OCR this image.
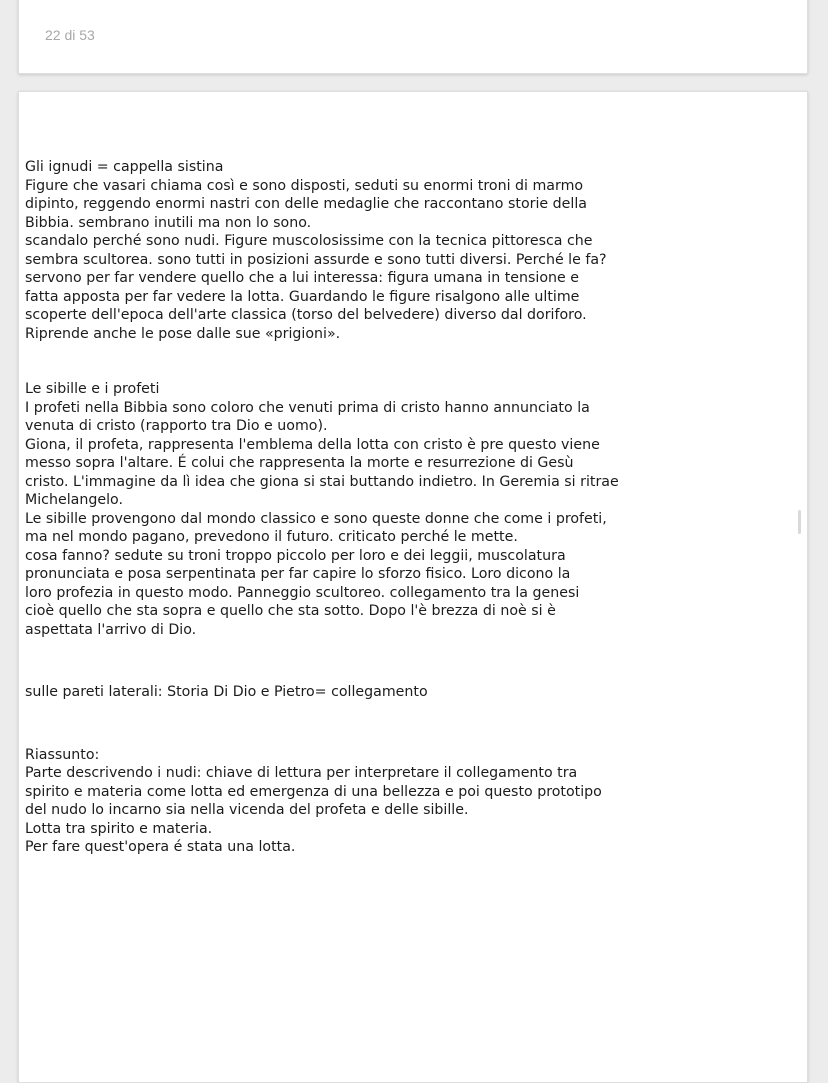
22 di 53
Gli ignudi = cappella sistina
Figure che vasari chiama così e sono disposti, seduti su enormi troni di marmo
dipinto, reggendo enormi nastri con delle medaglie che raccontano storie della
Bibbia. sembrano inutili ma non lo sono.
scandalo perché sono nudi. Figure muscolosissime con la tecnica pittoresca che
sembra scultorea. sono tutti in posizioni assurde e sono tutti diversi. Perché le fa?
servono per far vendere quello che a lui interessa: figura umana in tensione e
fatta apposta per far vedere la lotta. Guardando le figure risalgono alle ultime
scoperte dell'epoca dell'arte classica (torso del belvedere) diverso dal doriforo.
Riprende anche le pose dalle sue «prigioni».
Le sibille e i profeti
I profeti nella Bibbia sono coloro che venuti prima di cristo hanno annunciato la
venuta di cristo (rapporto tra Dio e uomo).
Giona, il profeta, rappresenta l'emblema della lotta con cristo è pre questo viene
messo sopra l'altare. É colui che rappresenta la morte e resurrezione di Gesù
cristo. L'immagine da lì idea che giona si stai buttando indietro. In Geremia si ritrae
Michelangelo.
Le sibille provengono dal mondo classico e sono queste donne che come i profeti,
ma nel mondo pagano, prevedono il futuro. criticato perché le mette.
cosa fanno? sedute su troni troppo piccolo per loro e dei leggii, muscolatura
pronunciata e posa serpentinata per far capire lo sforzo fisico. Loro dicono la
loro profezia in questo modo. Panneggio scultoreo. collegamento tra la genesi
cioè quello che sta sopra e quello che sta sotto. Dopo l'è brezza di noè si è
aspettata l'arrivo di Dio.
sulle pareti laterali: Storia Di Dio e Pietro= collegamento
Riassunto:
Parte descrivendo i nudi: chiave di lettura per interpretare il collegamento tra
spirito e materia come lotta ed emergenza di una bellezza e poi questo prototipo
del nudo lo incarno sia nella vicenda del profeta e delle sibille.
Lotta tra spirito e materia.
Per fare quest'opera é stata una lotta.
